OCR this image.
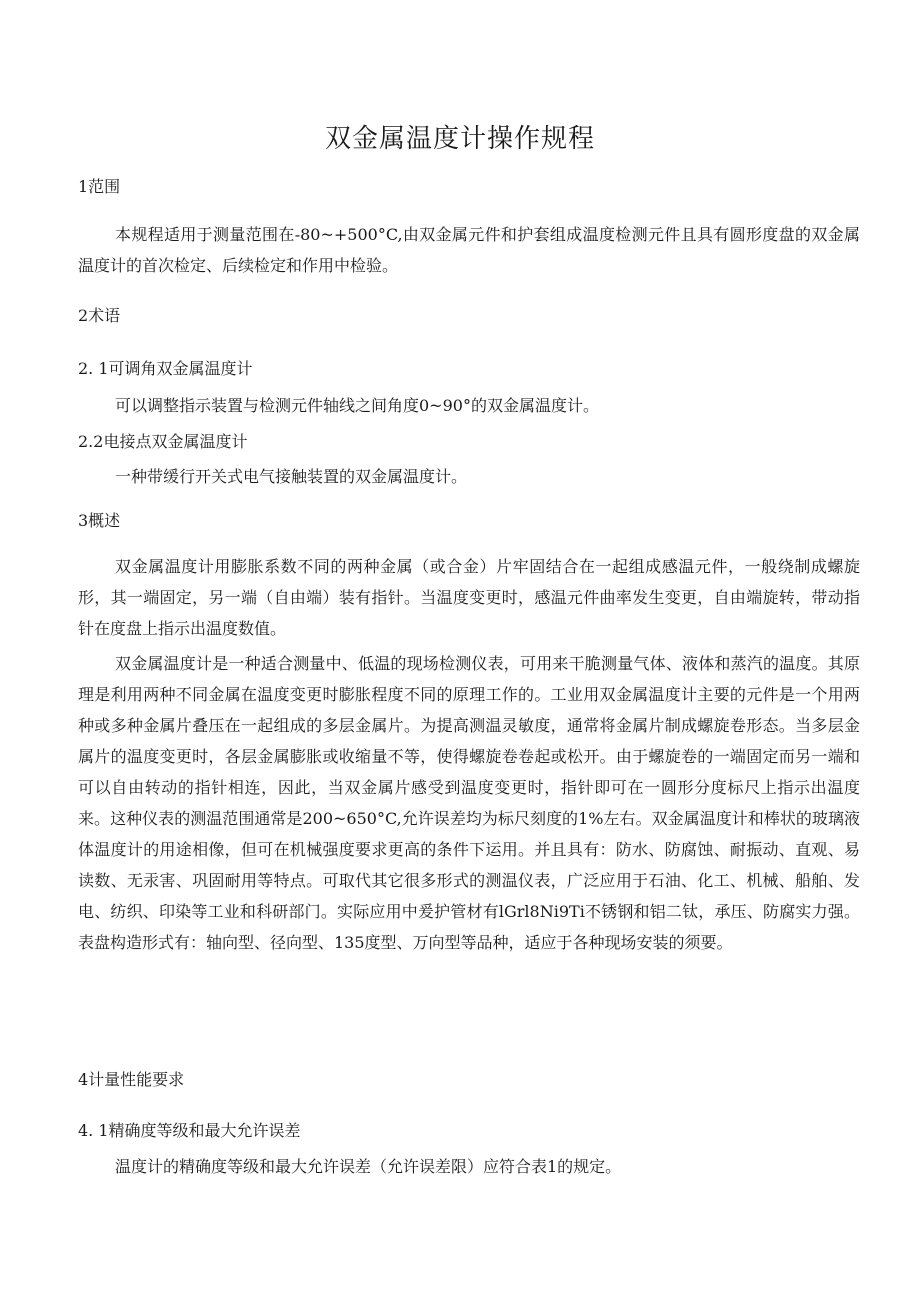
双金属温度计操作规程
1范围

本规程适用于测量范围在-80~+500°C,由双金属元件和护套组成温度检测元件且具有圆形度盘的双金属温度计的首次检定、后续检定和作用中检验。

2术语
2. 1可调角双金属温度计
可以调整指示装置与检测元件轴线之间角度0~90°的双金属温度计。
2.2电接点双金属温度计
一种带缓行开关式电气接触装置的双金属温度计。
3概述

双金属温度计用膨胀系数不同的两种金属（或合金）片牢固结合在一起组成感温元件，一般绕制成螺旋形，其一端固定，另一端（自由端）装有指针。当温度变更时，感温元件曲率发生变更，自由端旋转，带动指针在度盘上指示出温度数值。

双金属温度计是一种适合测量中、低温的现场检测仪表，可用来干脆测量气体、液体和蒸汽的温度。其原理是利用两种不同金属在温度变更时膨胀程度不同的原理工作的。工业用双金属温度计主要的元件是一个用两种或多种金属片叠压在一起组成的多层金属片。为提高测温灵敏度，通常将金属片制成螺旋卷形态。当多层金属片的温度变更时，各层金属膨胀或收缩量不等，使得螺旋卷卷起或松开。由于螺旋卷的一端固定而另一端和可以自由转动的指针相连，因此，当双金属片感受到温度变更时，指针即可在一圆形分度标尺上指示出温度来。这种仪表的测温范围通常是200~650°C,允许误差均为标尺刻度的1%左右。双金属温度计和棒状的玻璃液体温度计的用途相像，但可在机械强度要求更高的条件下运用。并且具有：防水、防腐蚀、耐振动、直观、易读数、无汞害、巩固耐用等特点。可取代其它很多形式的测温仪表，广泛应用于石油、化工、机械、船舶、发电、纺织、印染等工业和科研部门。实际应用中爰护管材有lGrl8Ni9Ti不锈钢和铝二钛，承压、防腐实力强。表盘构造形式有：轴向型、径向型、135度型、万向型等品种，适应于各种现场安装的须要。

4计量性能要求
4. 1精确度等级和最大允许误差
温度计的精确度等级和最大允许误差（允许误差限）应符合表1的规定。
